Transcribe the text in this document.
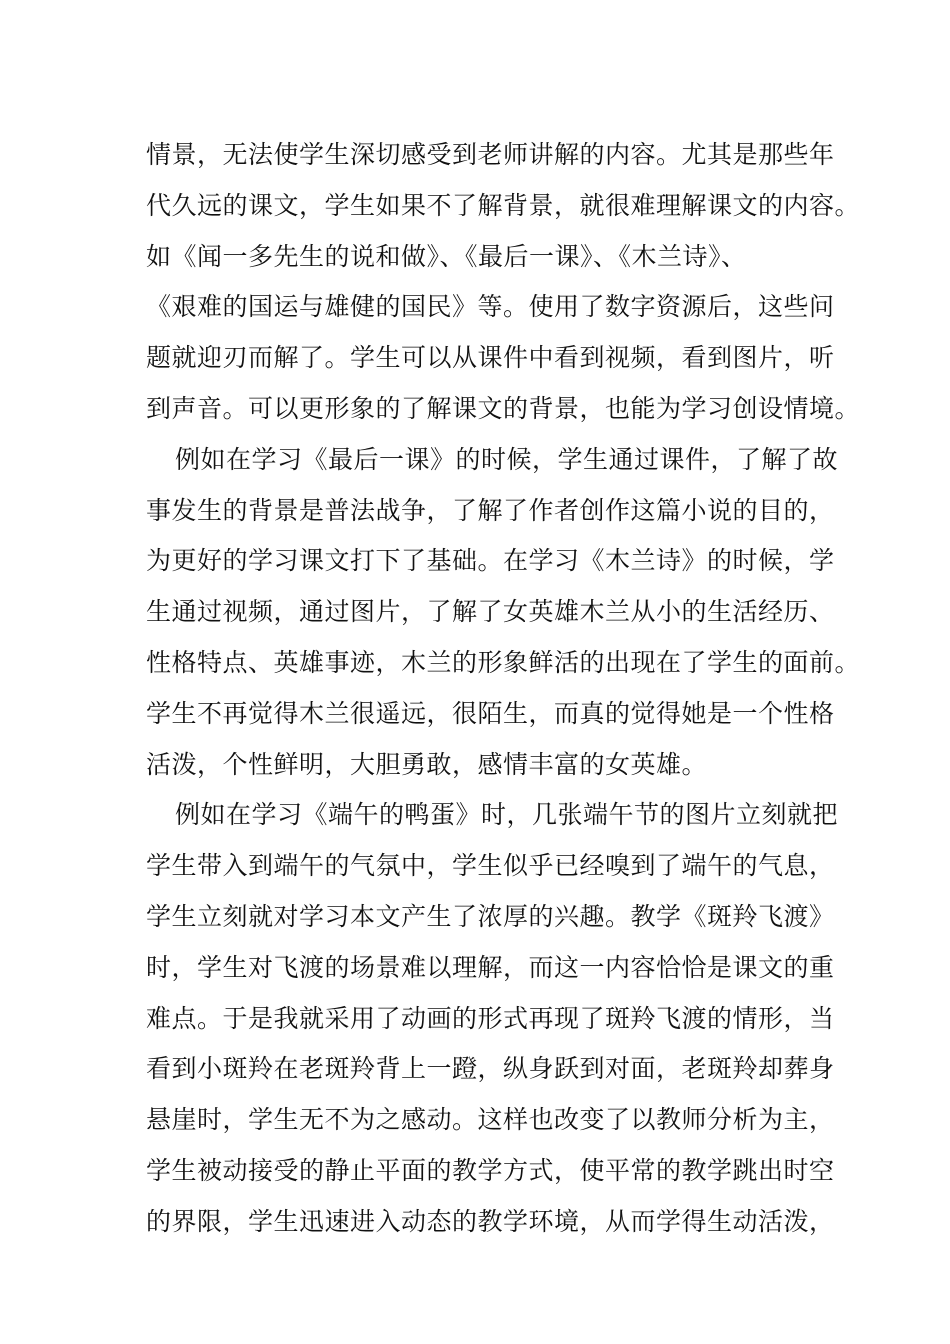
情景，无法使学生深切感受到老师讲解的内容。尤其是那些年
代久远的课文，学生如果不了解背景，就很难理解课文的内容。
如《闻一多先生的说和做》、《最后一课》、《木兰诗》、
《艰难的国运与雄健的国民》等。使用了数字资源后，这些问
题就迎刃而解了。学生可以从课件中看到视频，看到图片，听
到声音。可以更形象的了解课文的背景，也能为学习创设情境。
例如在学习《最后一课》的时候，学生通过课件，了解了故
事发生的背景是普法战争，了解了作者创作这篇小说的目的，
为更好的学习课文打下了基础。在学习《木兰诗》的时候，学
生通过视频，通过图片，了解了女英雄木兰从小的生活经历、
性格特点、英雄事迹，木兰的形象鲜活的出现在了学生的面前。
学生不再觉得木兰很遥远，很陌生，而真的觉得她是一个性格
活泼，个性鲜明，大胆勇敢，感情丰富的女英雄。
例如在学习《端午的鸭蛋》时，几张端午节的图片立刻就把
学生带入到端午的气氛中，学生似乎已经嗅到了端午的气息，
学生立刻就对学习本文产生了浓厚的兴趣。教学《斑羚飞渡》
时，学生对飞渡的场景难以理解，而这一内容恰恰是课文的重
难点。于是我就采用了动画的形式再现了斑羚飞渡的情形，当
看到小斑羚在老斑羚背上一蹬，纵身跃到对面，老斑羚却葬身
悬崖时，学生无不为之感动。这样也改变了以教师分析为主，
学生被动接受的静止平面的教学方式，使平常的教学跳出时空
的界限，学生迅速进入动态的教学环境，从而学得生动活泼，
